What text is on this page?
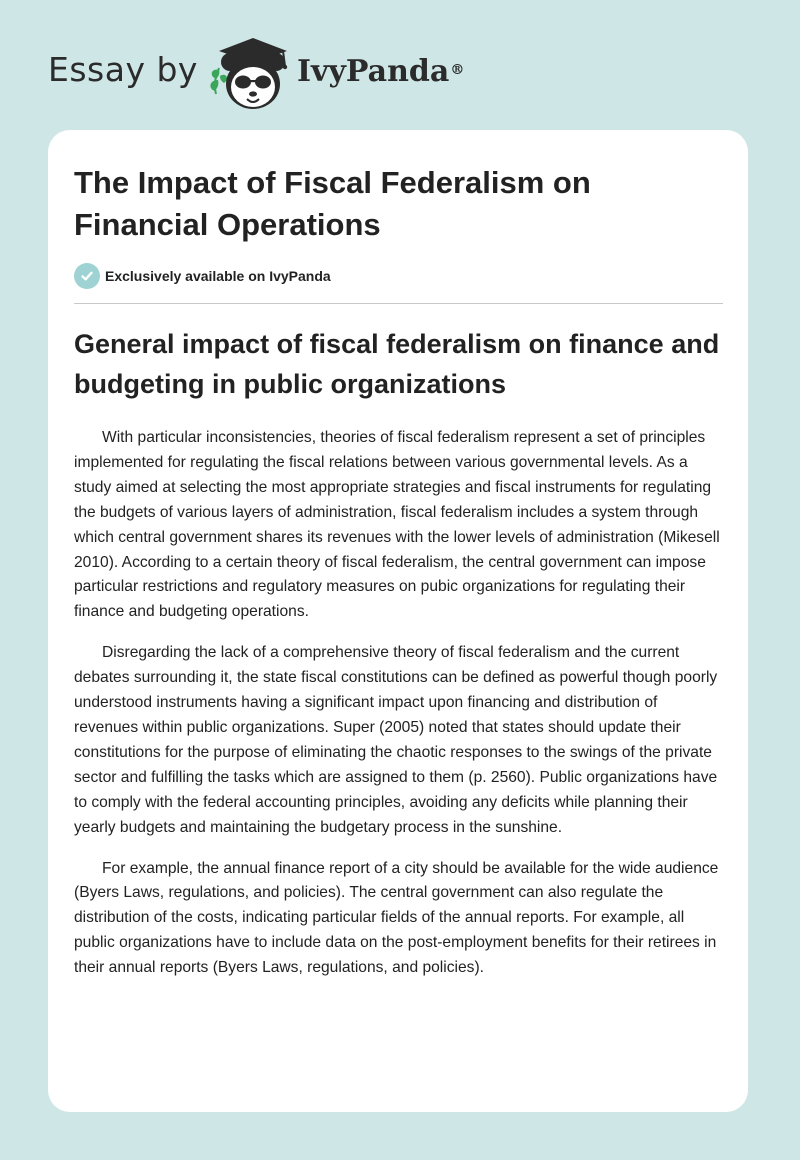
Essay by	IvyPanda®
The Impact of Fiscal Federalism on Financial Operations
Exclusively available on IvyPanda
General impact of fiscal federalism on finance and budgeting in public organizations

With particular inconsistencies, theories of fiscal federalism represent a set of principles implemented for regulating the fiscal relations between various governmental levels. As a study aimed at selecting the most appropriate strategies and fiscal instruments for regulating the budgets of various layers of administration, fiscal federalism includes a system through which central government shares its revenues with the lower levels of administration (Mikesell 2010). According to a certain theory of fiscal federalism, the central government can impose particular restrictions and regulatory measures on pubic organizations for regulating their finance and budgeting operations.

Disregarding the lack of a comprehensive theory of fiscal federalism and the current debates surrounding it, the state fiscal constitutions can be defined as powerful though poorly understood instruments having a significant impact upon financing and distribution of revenues within public organizations. Super (2005) noted that states should update their constitutions for the purpose of eliminating the chaotic responses to the swings of the private sector and fulfilling the tasks which are assigned to them (p. 2560). Public organizations have to comply with the federal accounting principles, avoiding any deficits while planning their yearly budgets and maintaining the budgetary process in the sunshine.

For example, the annual finance report of a city should be available for the wide audience (Byers Laws, regulations, and policies). The central government can also regulate the distribution of the costs, indicating particular fields of the annual reports. For example, all public organizations have to include data on the post-employment benefits for their retirees in their annual reports (Byers Laws, regulations, and policies).
